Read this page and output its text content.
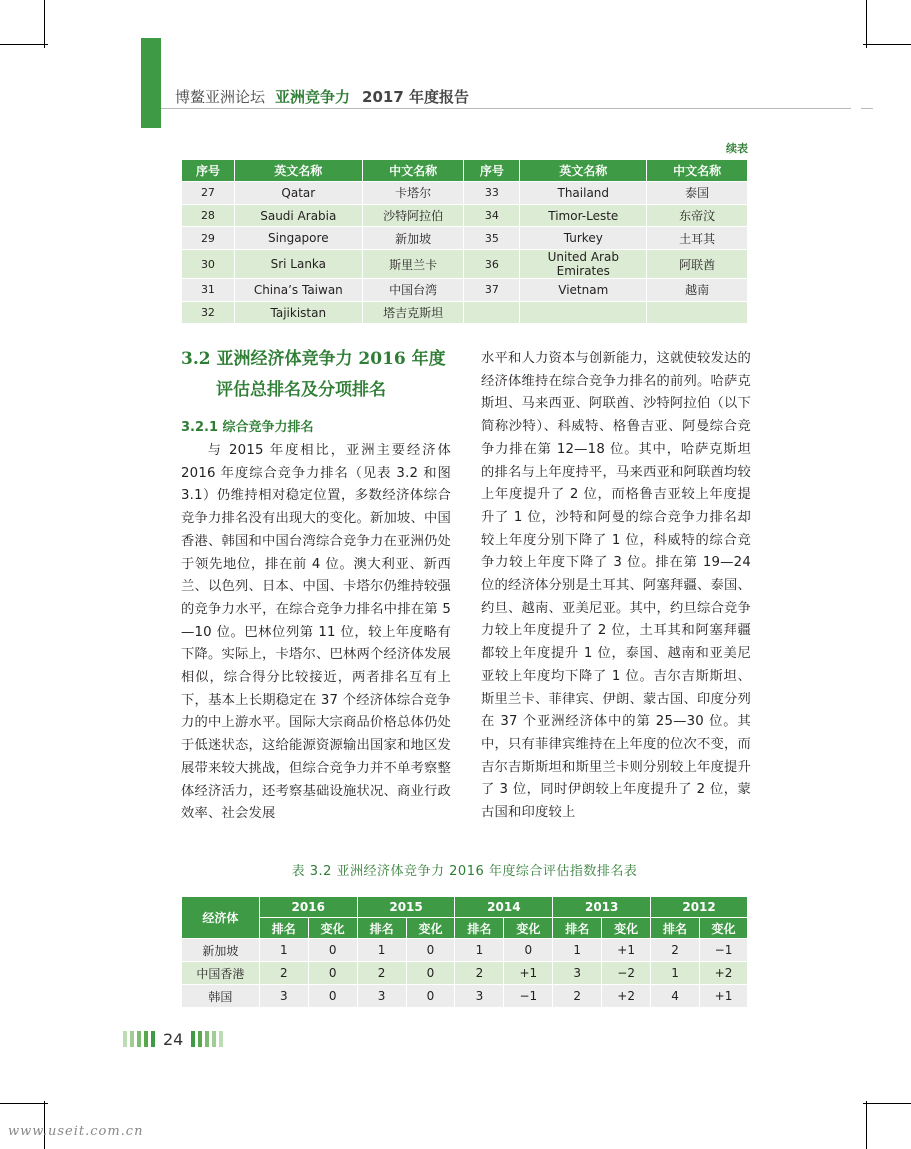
博鳌亚洲论坛 亚洲竞争力 2017 年度报告
续表
序号	英文名称	中文名称	序号	英文名称	中文名称
27	Qatar	卡塔尔	33	Thailand	泰国
28	Saudi Arabia	沙特阿拉伯	34	Timor-Leste	东帝汶
29	Singapore	新加坡	35	Turkey	土耳其
30	Sri Lanka	斯里兰卡	36	United Arab Emirates	阿联酋
31	China’s Taiwan	中国台湾	37	Vietnam	越南
32	Tajikistan	塔吉克斯坦			
3.2 亚洲经济体竞争力 2016 年度
评估总排名及分项排名
3.2.1 综合竞争力排名

与 2015 年度相比，亚洲主要经济体 2016 年度综合竞争力排名（见表 3.2 和图 3.1）仍维持相对稳定位置，多数经济体综合竞争力排名没有出现大的变化。新加坡、中国香港、韩国和中国台湾综合竞争力在亚洲仍处于领先地位，排在前 4 位。澳大利亚、新西兰、以色列、日本、中国、卡塔尔仍维持较强的竞争力水平，在综合竞争力排名中排在第 5—10 位。巴林位列第 11 位，较上年度略有下降。实际上，卡塔尔、巴林两个经济体发展相似，综合得分比较接近，两者排名互有上下，基本上长期稳定在 37 个经济体综合竞争力的中上游水平。国际大宗商品价格总体仍处于低迷状态，这给能源资源输出国家和地区发展带来较大挑战，但综合竞争力并不单考察整体经济活力，还考察基础设施状况、商业行政效率、社会发展

水平和人力资本与创新能力，这就使较发达的经济体维持在综合竞争力排名的前列。哈萨克斯坦、马来西亚、阿联酋、沙特阿拉伯（以下简称沙特）、科威特、格鲁吉亚、阿曼综合竞争力排在第 12—18 位。其中，哈萨克斯坦的排名与上年度持平，马来西亚和阿联酋均较上年度提升了 2 位，而格鲁吉亚较上年度提升了 1 位，沙特和阿曼的综合竞争力排名却较上年度分别下降了 1 位，科威特的综合竞争力较上年度下降了 3 位。排在第 19—24 位的经济体分别是土耳其、阿塞拜疆、泰国、约旦、越南、亚美尼亚。其中，约旦综合竞争力较上年度提升了 2 位，土耳其和阿塞拜疆都较上年度提升 1 位，泰国、越南和亚美尼亚较上年度均下降了 1 位。吉尔吉斯斯坦、斯里兰卡、菲律宾、伊朗、蒙古国、印度分列在 37 个亚洲经济体中的第 25—30 位。其中，只有菲律宾维持在上年度的位次不变，而吉尔吉斯斯坦和斯里兰卡则分别较上年度提升了 3 位，同时伊朗较上年度提升了 2 位，蒙古国和印度较上

表 3.2 亚洲经济体竞争力 2016 年度综合评估指数排名表
经济体	2016		2015		2014		2013		2012	
	排名	变化	排名	变化	排名	变化	排名	变化	排名	变化
新加坡	1	0	1	0	1	0	1	+1	2	−1
中国香港	2	0	2	0	2	+1	3	−2	1	+2
韩国	3	0	3	0	3	−1	2	+2	4	+1
24
www.useit.com.cn
